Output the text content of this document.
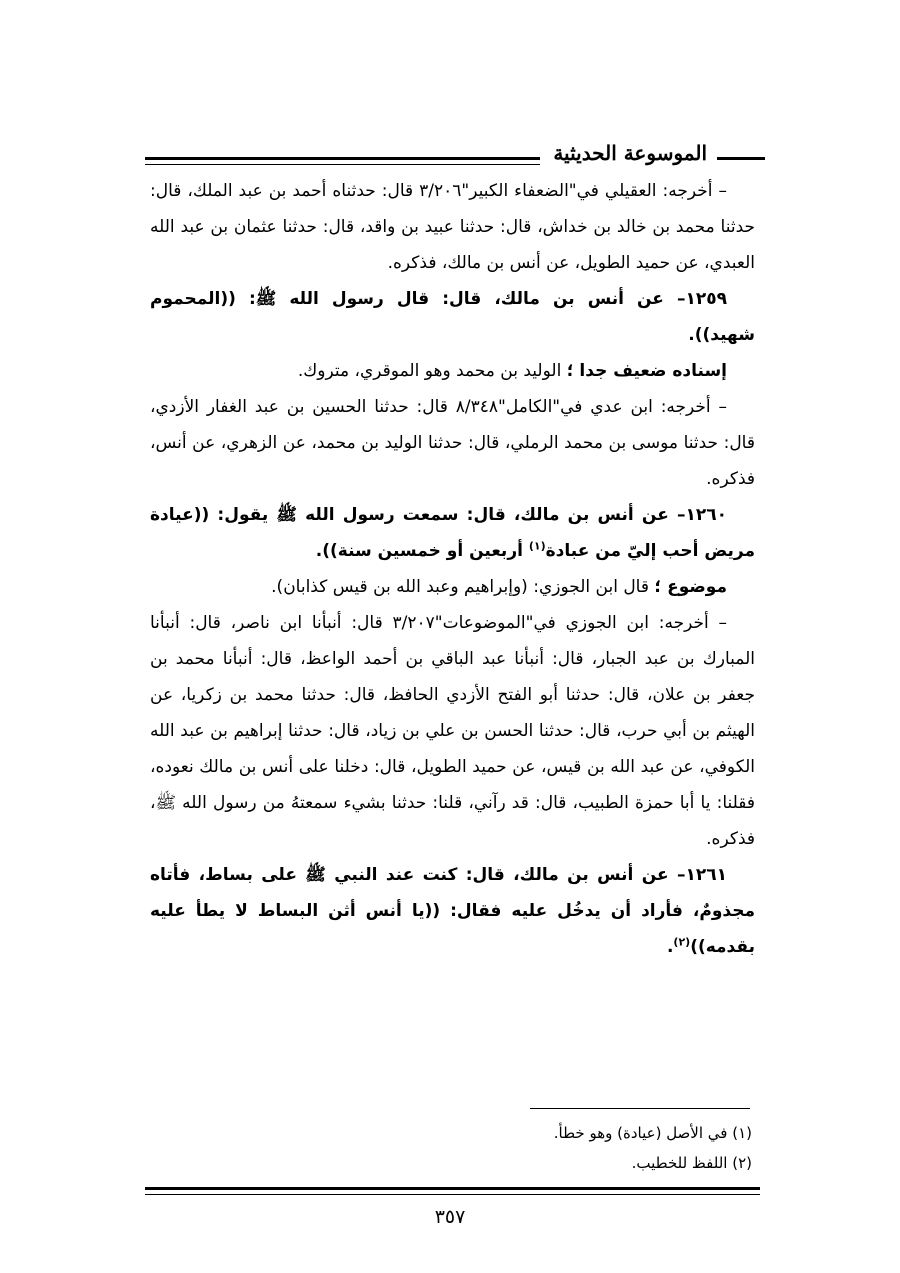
الموسوعة الحديثية

– أخرجه: العقيلي في"الضعفاء الكبير"٣/٢٠٦ قال: حدثناه أحمد بن عبد الملك، قال: حدثنا محمد بن خالد بن خداش، قال: حدثنا عبيد بن واقد، قال: حدثنا عثمان بن عبد الله العبدي، عن حميد الطويل، عن أنس بن مالك، فذكره.

١٢٥٩– عن أنس بن مالك، قال: قال رسول الله ﷺ: ((المحموم شهيد)).

إسناده ضعيف جدا ؛ الوليد بن محمد وهو الموقري، متروك.

– أخرجه: ابن عدي في"الكامل"٨/٣٤٨ قال: حدثنا الحسين بن عبد الغفار الأزدي، قال: حدثنا موسى بن محمد الرملي، قال: حدثنا الوليد بن محمد، عن الزهري، عن أنس، فذكره.

١٢٦٠– عن أنس بن مالك، قال: سمعت رسول الله ﷺ يقول: ((عيادة مريض أحب إليّ من عبادة$^{(١)}$ أربعين أو خمسين سنة)).

موضوع ؛ قال ابن الجوزي: (وإبراهيم وعبد الله بن قيس كذابان).

– أخرجه: ابن الجوزي في"الموضوعات"٣/٢٠٧ قال: أنبأنا ابن ناصر، قال: أنبأنا المبارك بن عبد الجبار، قال: أنبأنا عبد الباقي بن أحمد الواعظ، قال: أنبأنا محمد بن جعفر بن علان، قال: حدثنا أبو الفتح الأزدي الحافظ، قال: حدثنا محمد بن زكريا، عن الهيثم بن أبي حرب، قال: حدثنا الحسن بن علي بن زياد، قال: حدثنا إبراهيم بن عبد الله الكوفي، عن عبد الله بن قيس، عن حميد الطويل، قال: دخلنا على أنس بن مالك نعوده، فقلنا: يا أبا حمزة الطبيب، قال: قد رآني، قلنا: حدثنا بشيء سمعتهُ من رسول الله ﷺ، فذكره.

١٢٦١– عن أنس بن مالك، قال: كنت عند النبي ﷺ على بساط، فأتاه مجذومٌ، فأراد أن يدخُل عليه فقال: ((يا أنس أثن البساط لا يطأ عليه بقدمه))$^{(٢)}$.

(١) في الأصل (عيادة) وهو خطأ.
(٢) اللفظ للخطيب.
٣٥٧
